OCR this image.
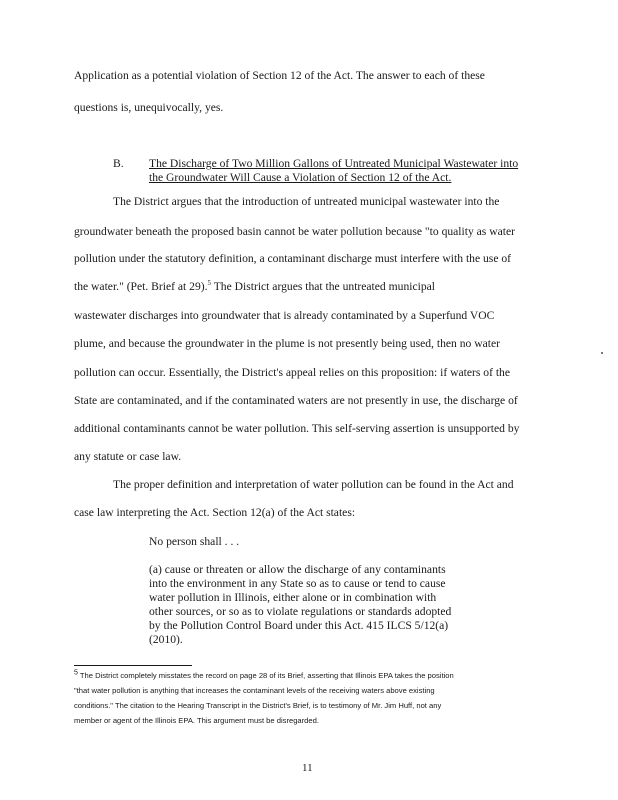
Application as a potential violation of Section 12 of the Act. The answer to each of these
questions is, unequivocally, yes.
B. The Discharge of Two Million Gallons of Untreated Municipal Wastewater into
the Groundwater Will Cause a Violation of Section 12 of the Act.
The District argues that the introduction of untreated municipal wastewater into the
groundwater beneath the proposed basin cannot be water pollution because "to quality as water
pollution under the statutory definition, a contaminant discharge must interfere with the use of
the water." (Pet. Brief at 29).$^5$ The District argues that the untreated municipal
wastewater discharges into groundwater that is already contaminated by a Superfund VOC
plume, and because the groundwater in the plume is not presently being used, then no water
pollution can occur. Essentially, the District's appeal relies on this proposition: if waters of the
State are contaminated, and if the contaminated waters are not presently in use, the discharge of
additional contaminants cannot be water pollution. This self-serving assertion is unsupported by
any statute or case law.
The proper definition and interpretation of water pollution can be found in the Act and
case law interpreting the Act. Section 12(a) of the Act states:
No person shall . . .
(a) cause or threaten or allow the discharge of any contaminants
into the environment in any State so as to cause or tend to cause
water pollution in Illinois, either alone or in combination with
other sources, or so as to violate regulations or standards adopted
by the Pollution Control Board under this Act. 415 ILCS 5/12(a)
(2010).
5 The District completely misstates the record on page 28 of its Brief, asserting that Illinois EPA takes the position
"that water pollution is anything that increases the contaminant levels of the receiving waters above existing
conditions." The citation to the Hearing Transcript in the District's Brief, is to testimony of Mr. Jim Huff, not any
member or agent of the Illinois EPA. This argument must be disregarded.
11
